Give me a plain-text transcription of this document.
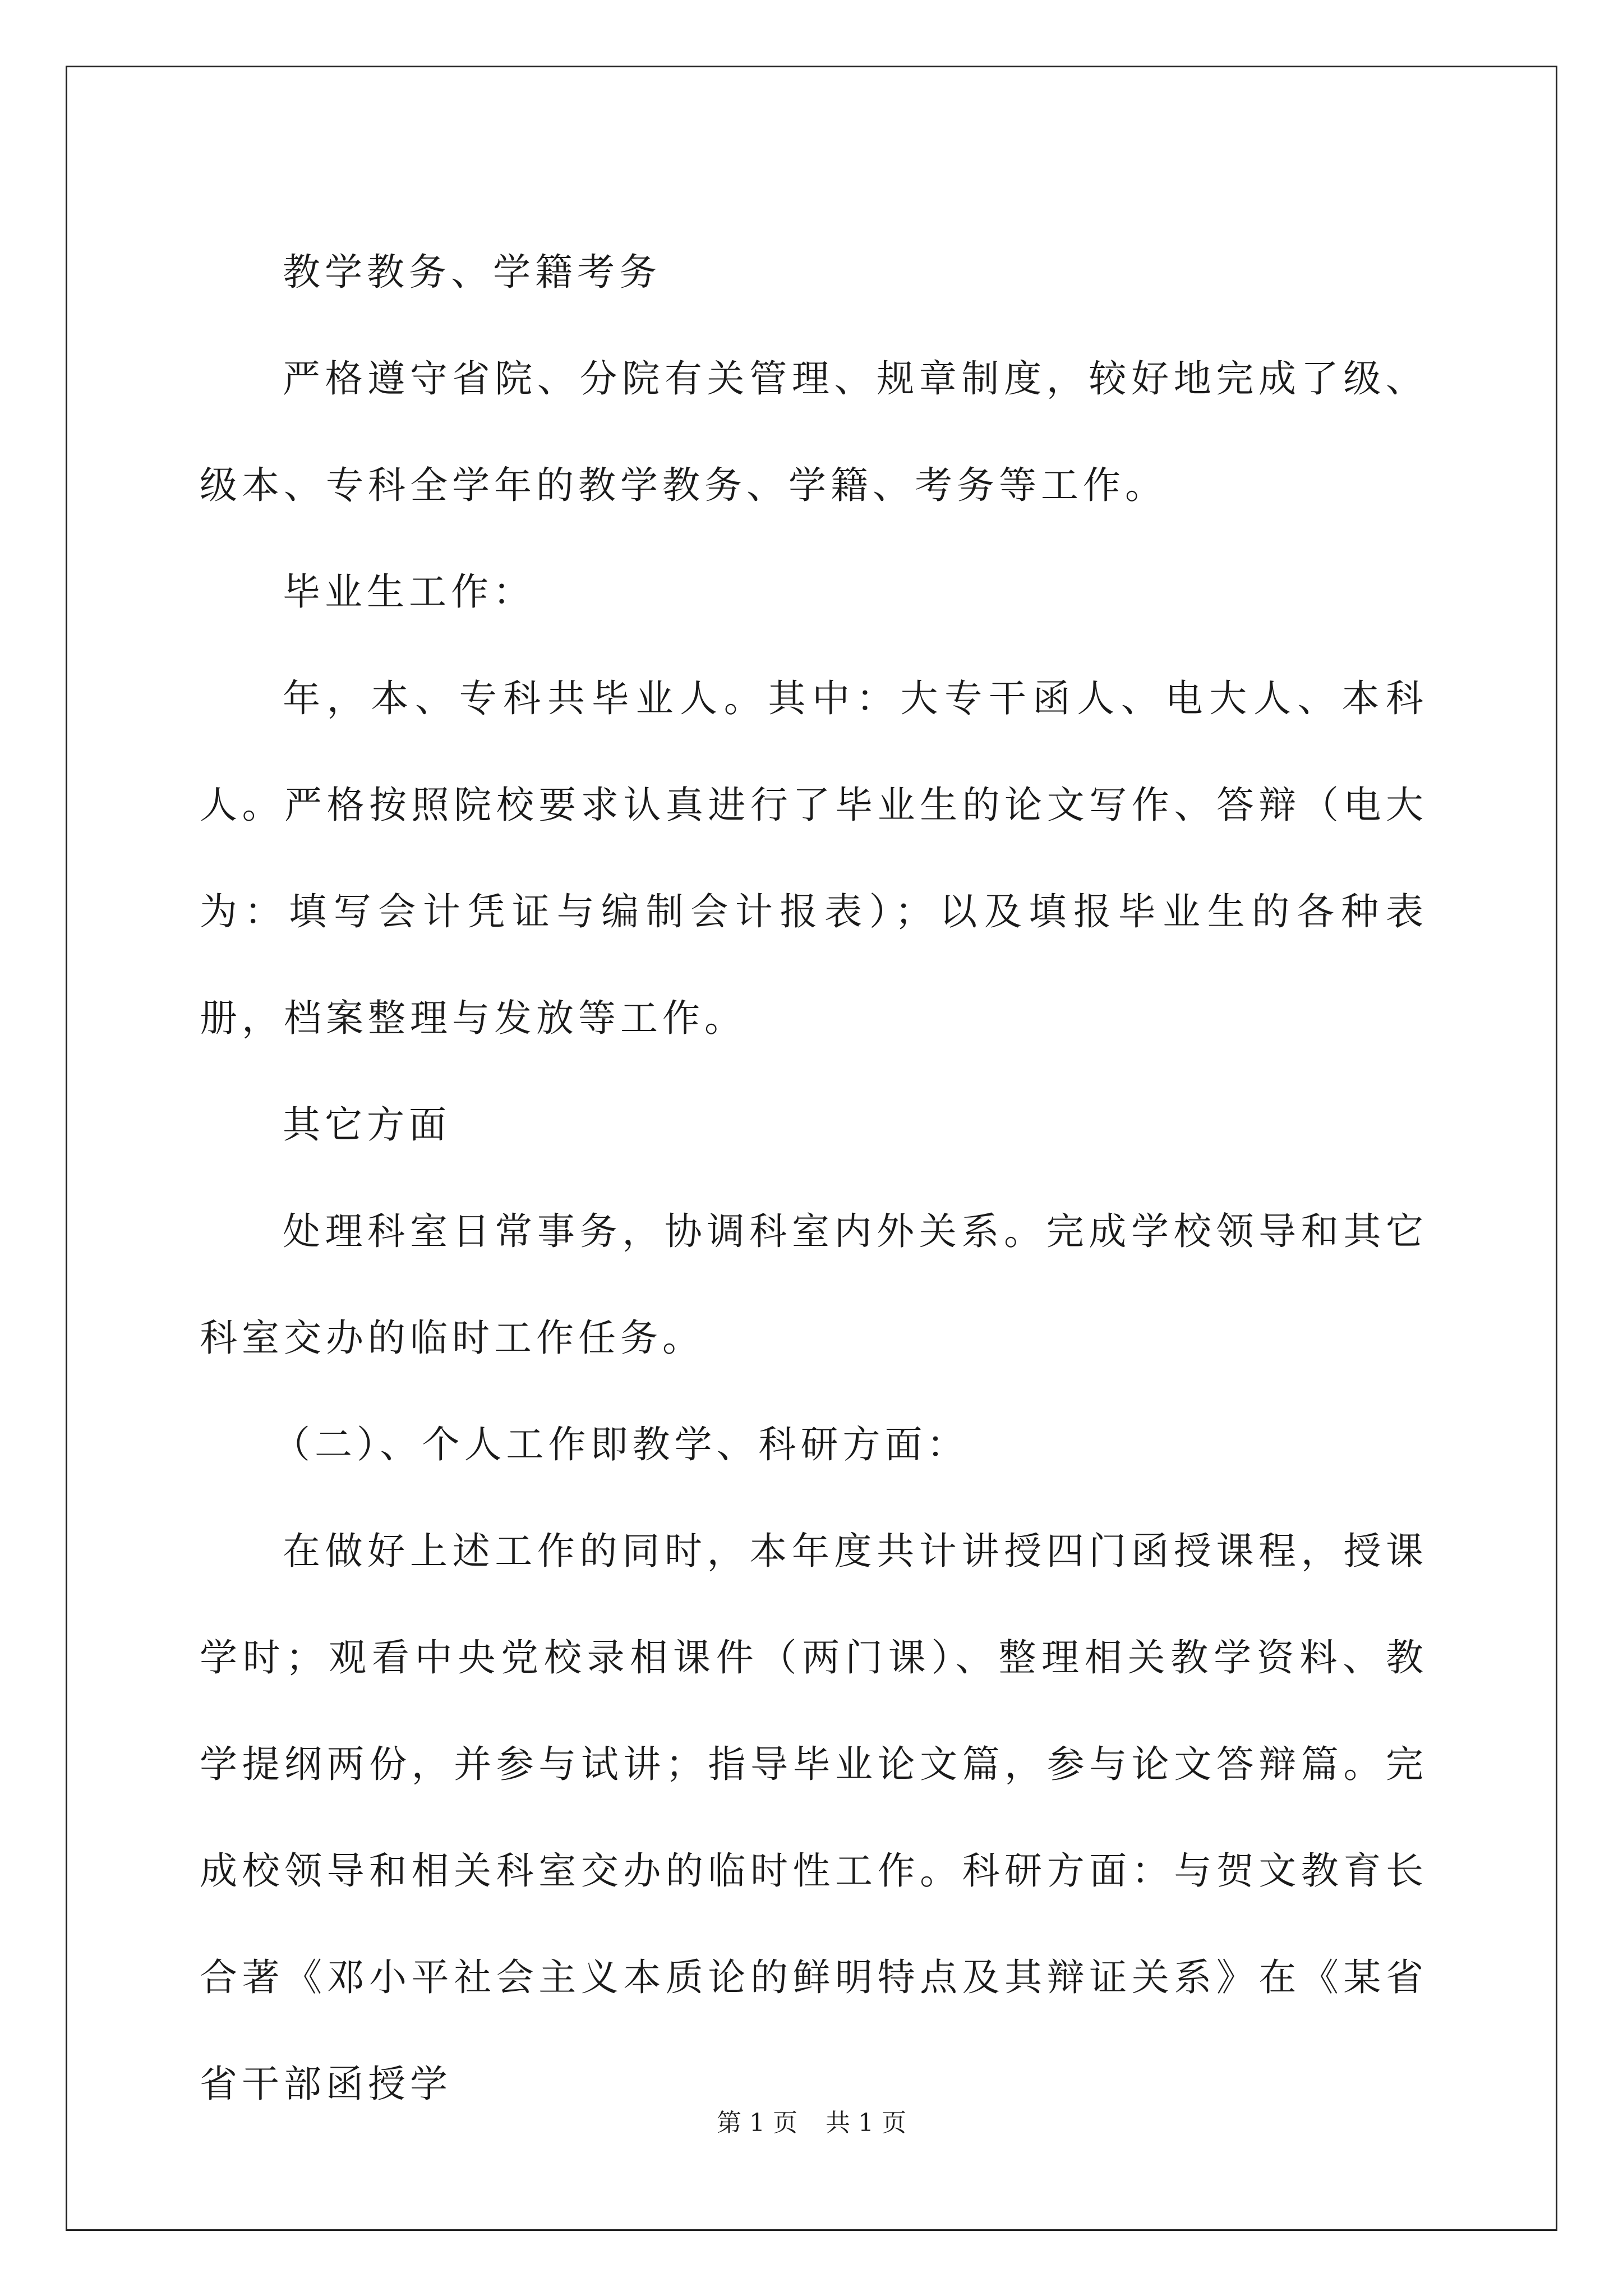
教学教务、学籍考务

严格遵守省院、分院有关管理、规章制度，较好地完成了级、级本、专科全学年的教学教务、学籍、考务等工作。

毕业生工作：

年，本、专科共毕业人。其中：大专干函人、电大人、本科人。严格按照院校要求认真进行了毕业生的论文写作、答辩（电大为：填写会计凭证与编制会计报表）；以及填报毕业生的各种表册，档案整理与发放等工作。

其它方面

处理科室日常事务，协调科室内外关系。完成学校领导和其它科室交办的临时工作任务。

（二）、个人工作即教学、科研方面：

在做好上述工作的同时，本年度共计讲授四门函授课程，授课学时；观看中央党校录相课件（两门课）、整理相关教学资料、教学提纲两份，并参与试讲；指导毕业论文篇，参与论文答辩篇。完成校领导和相关科室交办的临时性工作。科研方面：与贺文教育长合著《邓小平社会主义本质论的鲜明特点及其辩证关系》在《某省省干部函授学

第 1 页 共 1 页
